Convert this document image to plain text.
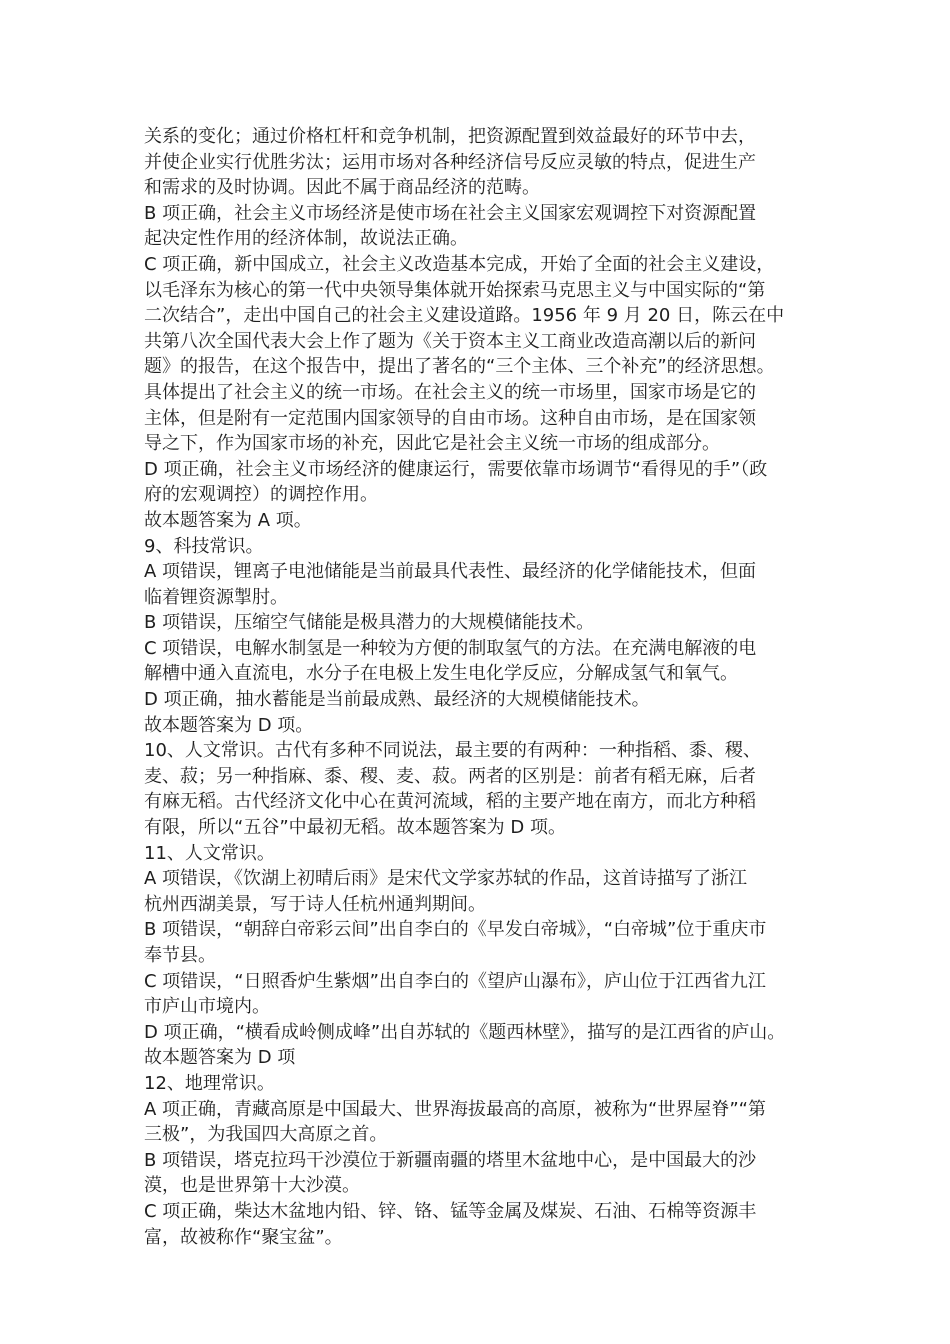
关系的变化；通过价格杠杆和竞争机制，把资源配置到效益最好的环节中去，
并使企业实行优胜劣汰；运用市场对各种经济信号反应灵敏的特点，促进生产
和需求的及时协调。因此不属于商品经济的范畴。
B 项正确，社会主义市场经济是使市场在社会主义国家宏观调控下对资源配置
起决定性作用的经济体制，故说法正确。
C 项正确，新中国成立，社会主义改造基本完成，开始了全面的社会主义建设，
以毛泽东为核心的第一代中央领导集体就开始探索马克思主义与中国实际的“第
二次结合”，走出中国自己的社会主义建设道路。1956 年 9 月 20 日，陈云在中
共第八次全国代表大会上作了题为《关于资本主义工商业改造高潮以后的新问
题》的报告，在这个报告中，提出了著名的“三个主体、三个补充”的经济思想。
具体提出了社会主义的统一市场。在社会主义的统一市场里，国家市场是它的
主体，但是附有一定范围内国家领导的自由市场。这种自由市场，是在国家领
导之下，作为国家市场的补充，因此它是社会主义统一市场的组成部分。
D 项正确，社会主义市场经济的健康运行，需要依靠市场调节“看得见的手”（政
府的宏观调控）的调控作用。
故本题答案为 A 项。
9、科技常识。
A 项错误，锂离子电池储能是当前最具代表性、最经济的化学储能技术，但面
临着锂资源掣肘。
B 项错误，压缩空气储能是极具潜力的大规模储能技术。
C 项错误，电解水制氢是一种较为方便的制取氢气的方法。在充满电解液的电
解槽中通入直流电，水分子在电极上发生电化学反应，分解成氢气和氧气。
D 项正确，抽水蓄能是当前最成熟、最经济的大规模储能技术。
故本题答案为 D 项。
10、人文常识。古代有多种不同说法，最主要的有两种：一种指稻、黍、稷、
麦、菽；另一种指麻、黍、稷、麦、菽。两者的区别是：前者有稻无麻，后者
有麻无稻。古代经济文化中心在黄河流域，稻的主要产地在南方，而北方种稻
有限，所以“五谷”中最初无稻。故本题答案为 D 项。
11、人文常识。
A 项错误，《饮湖上初晴后雨》是宋代文学家苏轼的作品，这首诗描写了浙江
杭州西湖美景，写于诗人任杭州通判期间。
B 项错误，“朝辞白帝彩云间”出自李白的《早发白帝城》，“白帝城”位于重庆市
奉节县。
C 项错误，“日照香炉生紫烟”出自李白的《望庐山瀑布》，庐山位于江西省九江
市庐山市境内。
D 项正确，“横看成岭侧成峰”出自苏轼的《题西林壁》，描写的是江西省的庐山。
故本题答案为 D 项
12、地理常识。
A 项正确，青藏高原是中国最大、世界海拔最高的高原，被称为“世界屋脊”“第
三极”，为我国四大高原之首。
B 项错误，塔克拉玛干沙漠位于新疆南疆的塔里木盆地中心，是中国最大的沙
漠，也是世界第十大沙漠。
C 项正确，柴达木盆地内铅、锌、铬、锰等金属及煤炭、石油、石棉等资源丰
富，故被称作“聚宝盆”。
